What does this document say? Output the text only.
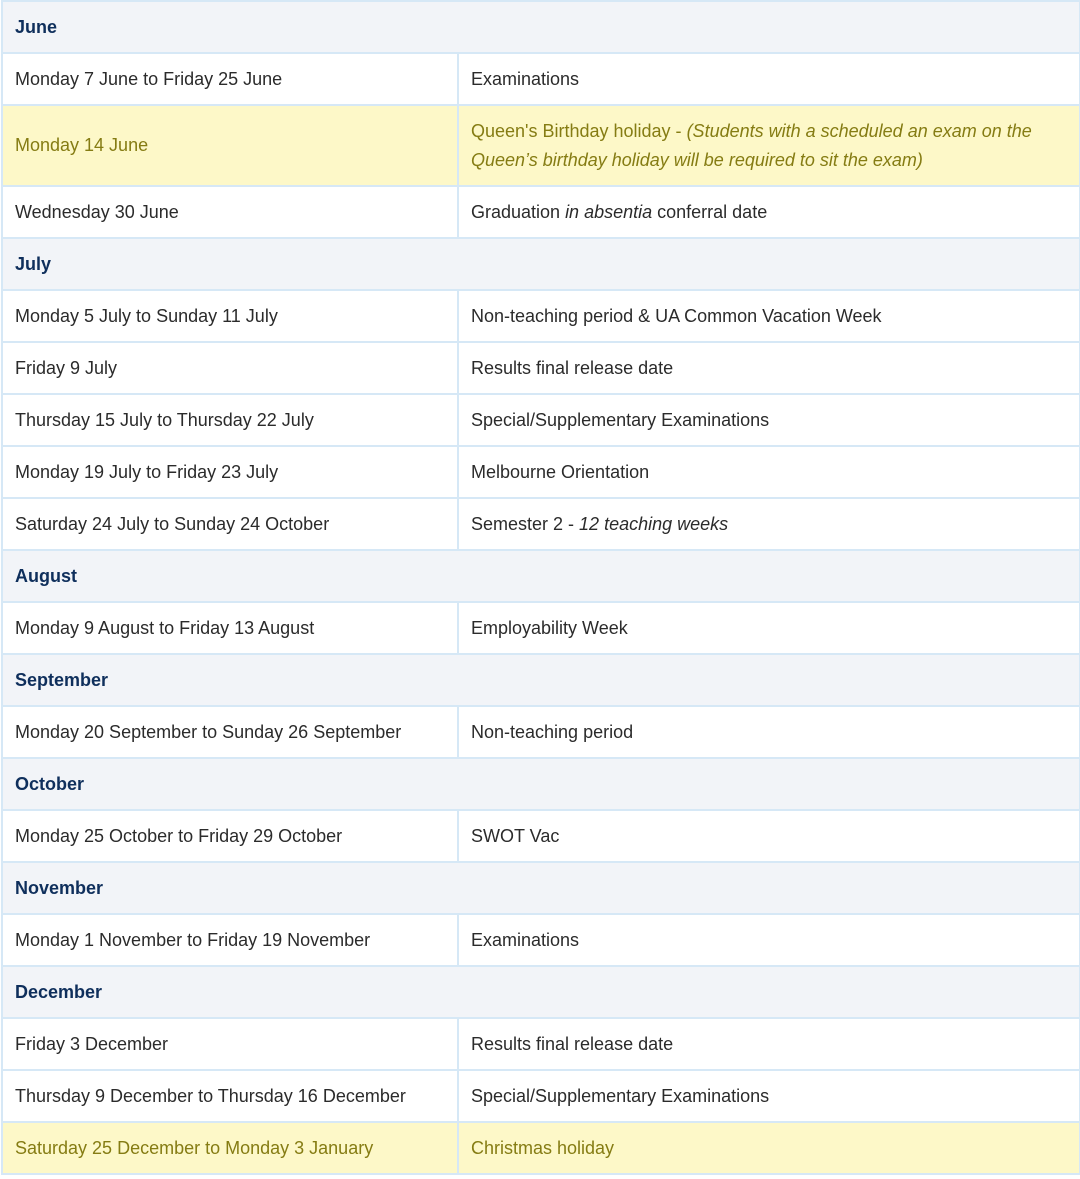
June	
Monday 7 June to Friday 25 June	Examinations
Monday 14 June	Queen's Birthday holiday - (Students with a scheduled an exam on the Queen’s birthday holiday will be required to sit the exam)
Wednesday 30 June	Graduation in absentia conferral date
July	
Monday 5 July to Sunday 11 July	Non-teaching period & UA Common Vacation Week
Friday 9 July	Results final release date
Thursday 15 July to Thursday 22 July	Special/Supplementary Examinations
Monday 19 July to Friday 23 July	Melbourne Orientation
Saturday 24 July to Sunday 24 October	Semester 2 - 12 teaching weeks
August	
Monday 9 August to Friday 13 August	Employability Week
September	
Monday 20 September to Sunday 26 September	Non-teaching period
October	
Monday 25 October to Friday 29 October	SWOT Vac
November	
Monday 1 November to Friday 19 November	Examinations
December	
Friday 3 December	Results final release date
Thursday 9 December to Thursday 16 December	Special/Supplementary Examinations
Saturday 25 December to Monday 3 January	Christmas holiday
